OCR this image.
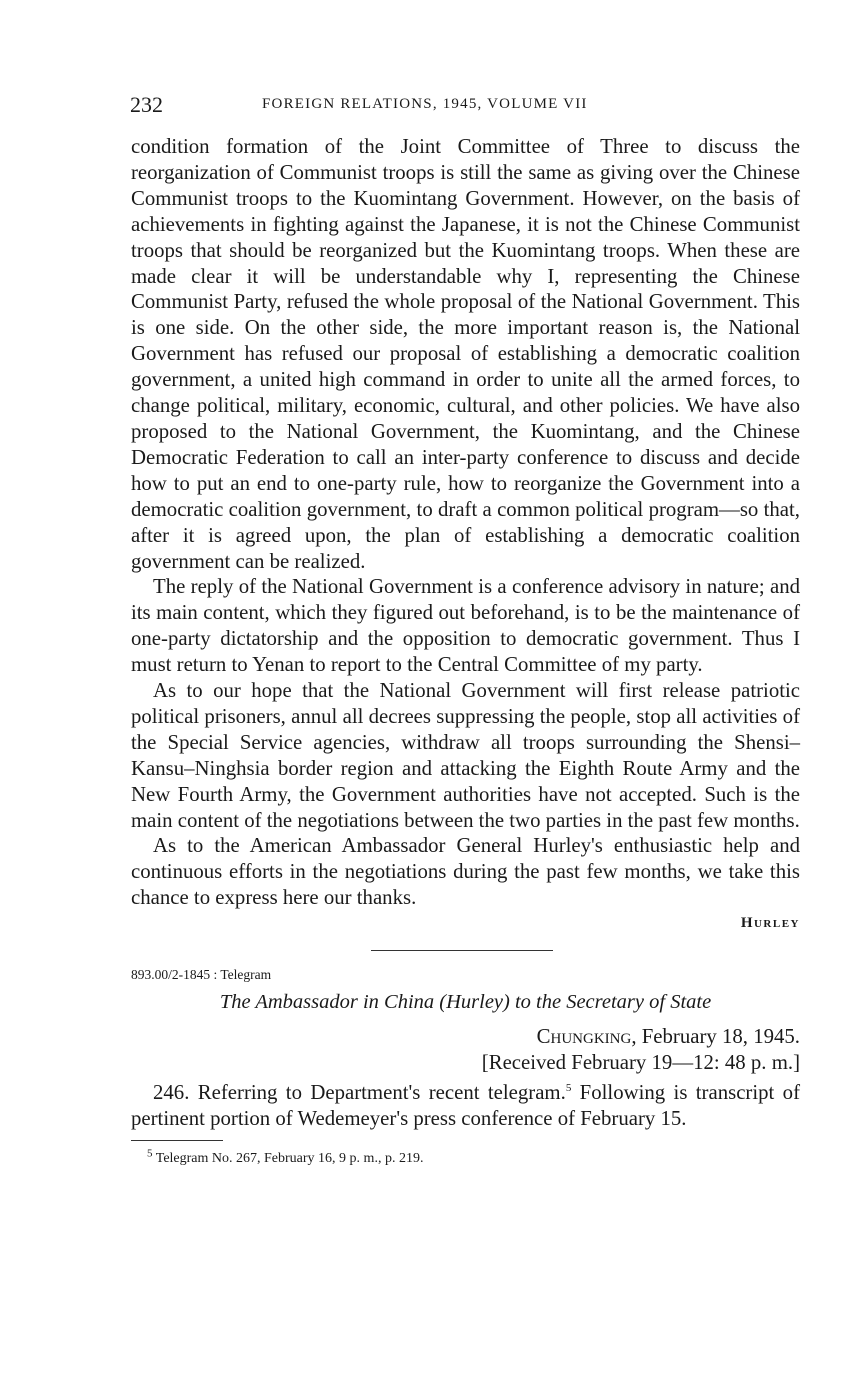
232	FOREIGN RELATIONS, 1945, VOLUME VII

condition formation of the Joint Committee of Three to discuss the reorganization of Communist troops is still the same as giving over the Chinese Communist troops to the Kuomintang Government. However, on the basis of achievements in fighting against the Japanese, it is not the Chinese Communist troops that should be reorganized but the Kuomintang troops. When these are made clear it will be understandable why I, representing the Chinese Communist Party, refused the whole proposal of the National Government. This is one side. On the other side, the more important reason is, the National Government has refused our proposal of establishing a democratic coalition government, a united high command in order to unite all the armed forces, to change political, military, economic, cultural, and other policies. We have also proposed to the National Government, the Kuomintang, and the Chinese Democratic Federation to call an inter-party conference to discuss and decide how to put an end to one-party rule, how to reorganize the Government into a democratic coalition government, to draft a common political program—so that, after it is agreed upon, the plan of establishing a democratic coalition government can be realized.

The reply of the National Government is a conference advisory in nature; and its main content, which they figured out beforehand, is to be the maintenance of one-party dictatorship and the opposition to democratic government. Thus I must return to Yenan to report to the Central Committee of my party.

As to our hope that the National Government will first release patriotic political prisoners, annul all decrees suppressing the people, stop all activities of the Special Service agencies, withdraw all troops surrounding the Shensi–Kansu–Ninghsia border region and attacking the Eighth Route Army and the New Fourth Army, the Government authorities have not accepted. Such is the main content of the negotiations between the two parties in the past few months.

As to the American Ambassador General Hurley's enthusiastic help and continuous efforts in the negotiations during the past few months, we take this chance to express here our thanks.

Hurley

893.00/2-1845 : Telegram

The Ambassador in China (Hurley) to the Secretary of State

Chungking, February 18, 1945.

[Received February 19—12: 48 p. m.]

246. Referring to Department's recent telegram.$^5$ Following is transcript of pertinent portion of Wedemeyer's press conference of February 15.

$^5$ Telegram No. 267, February 16, 9 p. m., p. 219.
